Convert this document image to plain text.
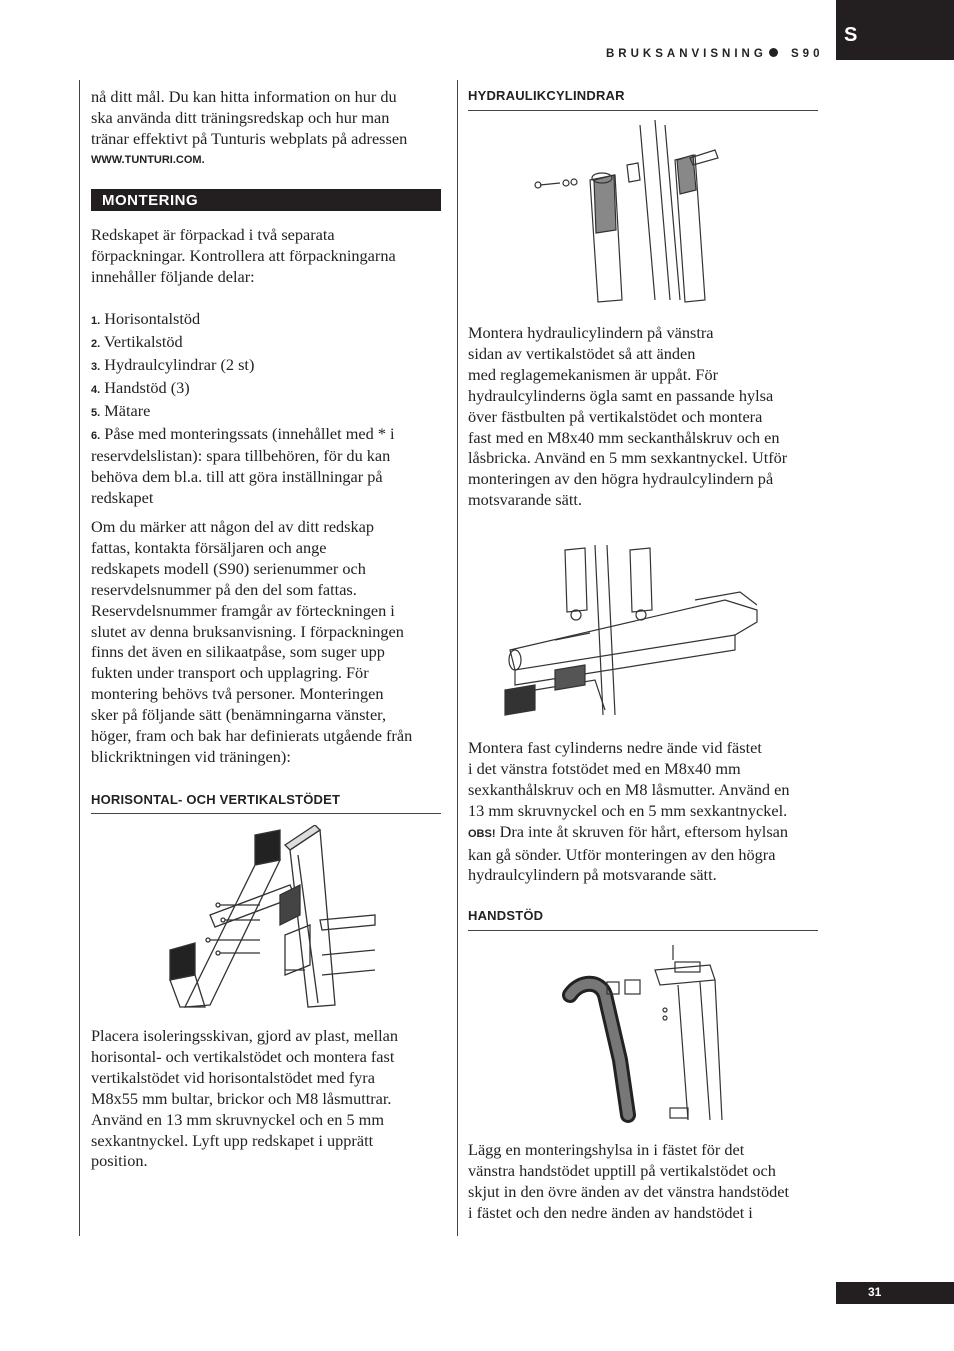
S
BRUKSANVISNING S90

nå ditt mål. Du kan hitta information on hur du

ska använda ditt träningsredskap och hur man

tränar effektivt på Tunturis webplats på adressen

WWW.TUNTURI.COM.

MONTERING

Redskapet är förpackad i två separata

förpackningar. Kontrollera att förpackningarna

innehåller följande delar:

1. Horisontalstöd

2. Vertikalstöd

3. Hydraulcylindrar (2 st)

4. Handstöd (3)

5. Mätare

6. Påse med monteringssats (innehållet med * i

reservdelslistan): spara tillbehören, för du kan

behöva dem bl.a. till att göra inställningar på

redskapet

Om du märker att någon del av ditt redskap

fattas, kontakta försäljaren och ange

redskapets modell (S90) serienummer och

reservdelsnummer på den del som fattas.

Reservdelsnummer framgår av förteckningen i

slutet av denna bruksanvisning. I förpackningen

finns det även en silikaatpåse, som suger upp

fukten under transport och upplagring. För

montering behövs två personer. Monteringen

sker på följande sätt (benämningarna vänster,

höger, fram och bak har definierats utgående från

blickriktningen vid träningen):

HORISONTAL- OCH VERTIKALSTÖDET

Placera isoleringsskivan, gjord av plast, mellan

horisontal- och vertikalstödet och montera fast

vertikalstödet vid horisontalstödet med fyra

M8x55 mm bultar, brickor och M8 låsmuttrar.

Använd en 13 mm skruvnyckel och en 5 mm

sexkantnyckel. Lyft upp redskapet i upprätt

position.

HYDRAULIKCYLINDRAR

Montera hydraulicylindern på vänstra

sidan av vertikalstödet så att änden

med reglagemekanismen är uppåt. För

hydraulcylinderns ögla samt en passande hylsa

över fästbulten på vertikalstödet och montera

fast med en M8x40 mm seckanthålskruv och en

låsbricka. Använd en 5 mm sexkantnyckel. Utför

monteringen av den högra hydraulcylindern på

motsvarande sätt.

Montera fast cylinderns nedre ände vid fästet

i det vänstra fotstödet med en M8x40 mm

sexkanthålskruv och en M8 låsmutter. Använd en

13 mm skruvnyckel och en 5 mm sexkantnyckel.

OBS! Dra inte åt skruven för hårt, eftersom hylsan

kan gå sönder. Utför monteringen av den högra

hydraulcylindern på motsvarande sätt.

HANDSTÖD

Lägg en monteringshylsa in i fästet för det

vänstra handstödet upptill på vertikalstödet och

skjut in den övre änden av det vänstra handstödet

i fästet och den nedre änden av handstödet i

31
